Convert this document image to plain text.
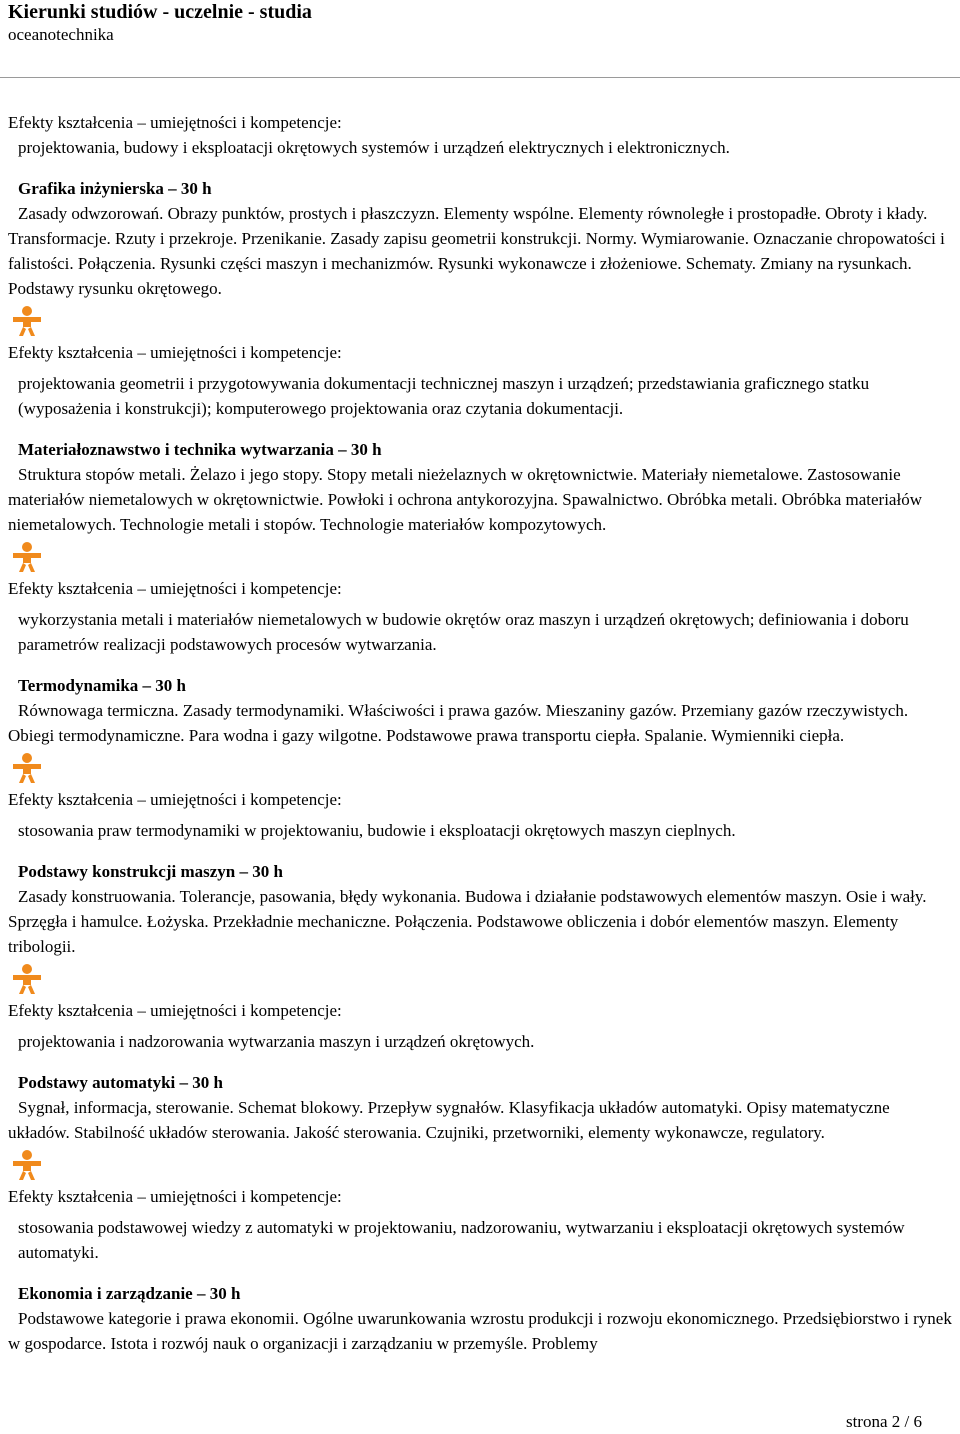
Kierunki studiów - uczelnie - studia
oceanotechnika
Efekty kształcenia – umiejętności i kompetencje:
projektowania, budowy i eksploatacji okrętowych systemów i urządzeń elektrycznych i elektronicznych.
Grafika inżynierska – 30 h
Zasady odwzorowań. Obrazy punktów, prostych i płaszczyzn. Elementy wspólne. Elementy równoległe i prostopadłe. Obroty i kłady. Transformacje. Rzuty i przekroje. Przenikanie. Zasady zapisu geometrii konstrukcji. Normy. Wymiarowanie. Oznaczanie chropowatości i falistości. Połączenia. Rysunki części maszyn i mechanizmów. Rysunki wykonawcze i złożeniowe. Schematy. Zmiany na rysunkach. Podstawy rysunku okrętowego.
Efekty kształcenia – umiejętności i kompetencje:
projektowania geometrii i przygotowywania dokumentacji technicznej maszyn i urządzeń; przedstawiania graficznego statku (wyposażenia i konstrukcji); komputerowego projektowania oraz czytania dokumentacji.
Materiałoznawstwo i technika wytwarzania – 30 h
Struktura stopów metali. Żelazo i jego stopy. Stopy metali nieżelaznych w okrętownictwie. Materiały niemetalowe. Zastosowanie materiałów niemetalowych w okrętownictwie. Powłoki i ochrona antykorozyjna. Spawalnictwo. Obróbka metali. Obróbka materiałów niemetalowych. Technologie metali i stopów. Technologie materiałów kompozytowych.
Efekty kształcenia – umiejętności i kompetencje:
wykorzystania metali i materiałów niemetalowych w budowie okrętów oraz maszyn i urządzeń okrętowych; definiowania i doboru parametrów realizacji podstawowych procesów wytwarzania.
Termodynamika – 30 h
Równowaga termiczna. Zasady termodynamiki. Właściwości i prawa gazów. Mieszaniny gazów. Przemiany gazów rzeczywistych. Obiegi termodynamiczne. Para wodna i gazy wilgotne. Podstawowe prawa transportu ciepła. Spalanie. Wymienniki ciepła.
Efekty kształcenia – umiejętności i kompetencje:
stosowania praw termodynamiki w projektowaniu, budowie i eksploatacji okrętowych maszyn cieplnych.
Podstawy konstrukcji maszyn – 30 h
Zasady konstruowania. Tolerancje, pasowania, błędy wykonania. Budowa i działanie podstawowych elementów maszyn. Osie i wały. Sprzęgła i hamulce. Łożyska. Przekładnie mechaniczne. Połączenia. Podstawowe obliczenia i dobór elementów maszyn. Elementy tribologii.
Efekty kształcenia – umiejętności i kompetencje:
projektowania i nadzorowania wytwarzania maszyn i urządzeń okrętowych.
Podstawy automatyki – 30 h
Sygnał, informacja, sterowanie. Schemat blokowy. Przepływ sygnałów. Klasyfikacja układów automatyki. Opisy matematyczne układów. Stabilność układów sterowania. Jakość sterowania. Czujniki, przetworniki, elementy wykonawcze, regulatory.
Efekty kształcenia – umiejętności i kompetencje:
stosowania podstawowej wiedzy z automatyki w projektowaniu, nadzorowaniu, wytwarzaniu i eksploatacji okrętowych systemów automatyki.
Ekonomia i zarządzanie – 30 h
Podstawowe kategorie i prawa ekonomii. Ogólne uwarunkowania wzrostu produkcji i rozwoju ekonomicznego. Przedsiębiorstwo i rynek w gospodarce. Istota i rozwój nauk o organizacji i zarządzaniu w przemyśle. Problemy
strona 2 / 6
